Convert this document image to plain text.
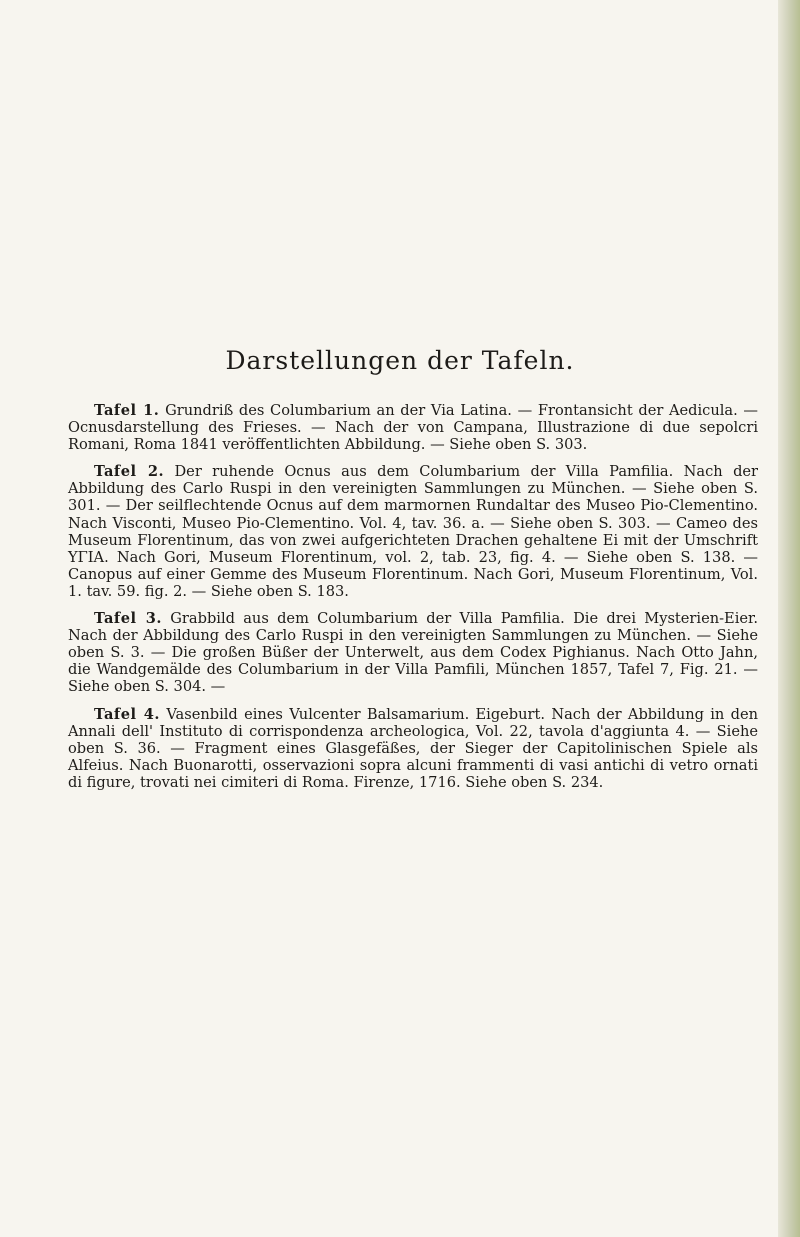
Darstellungen der Tafeln.

Tafel 1. Grundriß des Columbarium an der Via Latina. — Frontansicht der Aedicula. — Ocnusdarstellung des Frieses. — Nach der von Campana, Illustrazione di due sepolcri Romani, Roma 1841 veröffentlichten Abbildung. — Siehe oben S. 303.

Tafel 2. Der ruhende Ocnus aus dem Columbarium der Villa Pamfilia. Nach der Abbildung des Carlo Ruspi in den vereinigten Sammlungen zu München. — Siehe oben S. 301. — Der seilflechtende Ocnus auf dem marmornen Rundaltar des Museo Pio-Clementino. Nach Visconti, Museo Pio-Clementino. Vol. 4, tav. 36. a. — Siehe oben S. 303. — Cameo des Museum Florentinum, das von zwei aufgerichteten Drachen gehaltene Ei mit der Umschrift ΥΓΙΑ. Nach Gori, Museum Florentinum, vol. 2, tab. 23, fig. 4. — Siehe oben S. 138. — Canopus auf einer Gemme des Museum Florentinum. Nach Gori, Museum Florentinum, Vol. 1. tav. 59. fig. 2. — Siehe oben S. 183.

Tafel 3. Grabbild aus dem Columbarium der Villa Pamfilia. Die drei Mysterien-Eier. Nach der Abbildung des Carlo Ruspi in den vereinigten Sammlungen zu München. — Siehe oben S. 3. — Die großen Büßer der Unterwelt, aus dem Codex Pighianus. Nach Otto Jahn, die Wandgemälde des Columbarium in der Villa Pamfili, München 1857, Tafel 7, Fig. 21. — Siehe oben S. 304. —

Tafel 4. Vasenbild eines Vulcenter Balsamarium. Eigeburt. Nach der Abbildung in den Annali dell' Instituto di corrispondenza archeologica, Vol. 22, tavola d'aggiunta 4. — Siehe oben S. 36. — Fragment eines Glasgefäßes, der Sieger der Capitolinischen Spiele als Alfeius. Nach Buonarotti, osservazioni sopra alcuni frammenti di vasi antichi di vetro ornati di figure, trovati nei cimiteri di Roma. Firenze, 1716. Siehe oben S. 234.
